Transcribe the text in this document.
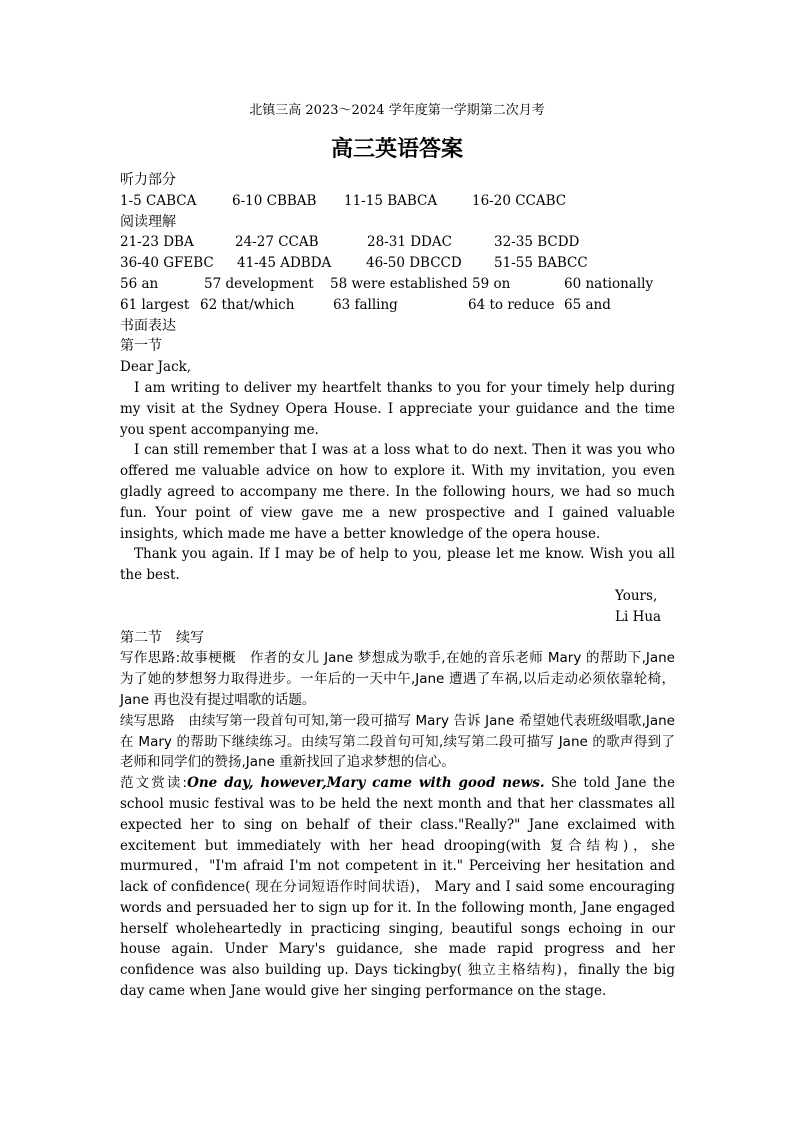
北镇三高 2023～2024 学年度第一学期第二次月考
高三英语答案
听力部分
1-5 CABCA	6-10 CBBAB 11-15 BABCA	16-20 CCABC
阅读理解
21-23 DBA	24-27 CCAB	28-31 DDAC	32-35 BCDD
36-40 GFEBC 41-45 ADBDA	46-50 DBCCD 51-55 BABCC
56 an	57 development 58 were established 59 on	60 nationally
61 largest 62 that/which	63 falling	64 to reduce 65 and
书面表达
第一节
Dear Jack,
I am writing to deliver my heartfelt thanks to you for your timely help during my visit at the Sydney Opera House. I appreciate your guidance and the time you spent accompanying me.
I can still remember that I was at a loss what to do next. Then it was you who offered me valuable advice on how to explore it. With my invitation, you even gladly agreed to accompany me there. In the following hours, we had so much fun. Your point of view gave me a new prospective and I gained valuable insights, which made me have a better knowledge of the opera house.
Thank you again. If I may be of help to you, please let me know. Wish you all the best.
Yours,
Li Hua
第二节　续写
写作思路:故事梗概　作者的女儿 Jane 梦想成为歌手,在她的音乐老师 Mary 的帮助下,Jane 为了她的梦想努力取得进步。一年后的一天中午,Jane 遭遇了车祸,以后走动必须依靠轮椅， Jane 再也没有提过唱歌的话题。
续写思路　由续写第一段首句可知,第一段可描写 Mary 告诉 Jane 希望她代表班级唱歌,Jane 在 Mary 的帮助下继续练习。由续写第二段首句可知,续写第二段可描写 Jane 的歌声得到了老师和同学们的赞扬,Jane 重新找回了追求梦想的信心。
范文赏读:One day, however,Mary came with good news. She told Jane the school music festival was to be held the next month and that her classmates all expected her to sing on behalf of their class."Really?" Jane exclaimed with excitement but immediately with her head drooping(with 复合结构)，she murmured，"I'm afraid I'm not competent in it." Perceiving her hesitation and lack of confidence( 现在分词短语作时间状语)， Mary and I said some encouraging words and persuaded her to sign up for it. In the following month, Jane engaged herself wholeheartedly in practicing singing, beautiful songs echoing in our house again. Under Mary's guidance, she made rapid progress and her confidence was also building up. Days tickingby( 独立主格结构)，finally the big day came when Jane would give her singing performance on the stage.
